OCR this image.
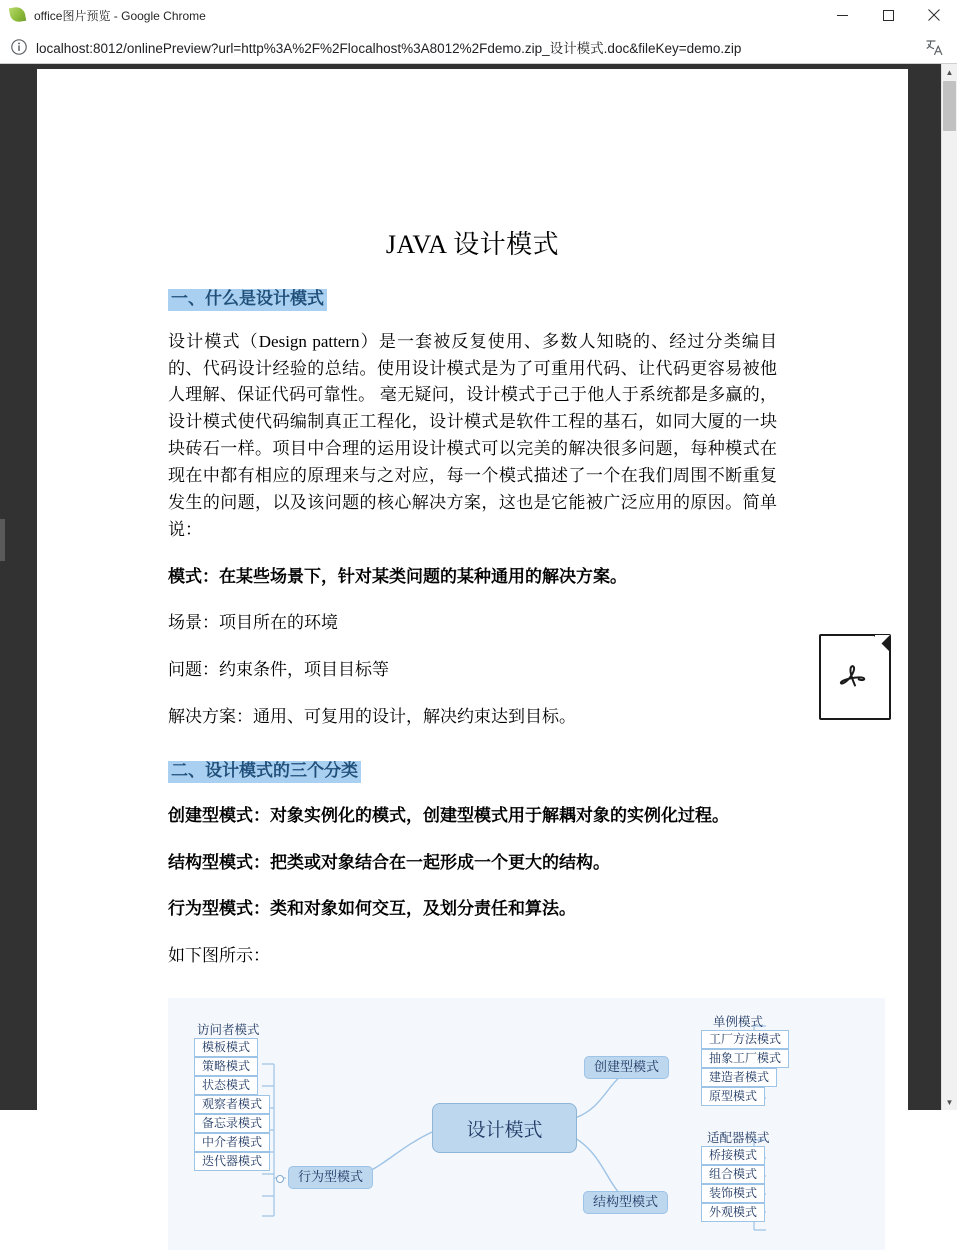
office图片预览 - Google Chrome
localhost:8012/onlinePreview?url=http%3A%2F%2Flocalhost%3A8012%2Fdemo.zip_设计模式.doc&fileKey=demo.zip
JAVA 设计模式
一、什么是设计模式

设计模式（Design pattern）是一套被反复使用、多数人知晓的、经过分类编目的、代码设计经验的总结。使用设计模式是为了可重用代码、让代码更容易被他人理解、保证代码可靠性。 毫无疑问，设计模式于己于他人于系统都是多赢的，设计模式使代码编制真正工程化，设计模式是软件工程的基石，如同大厦的一块块砖石一样。项目中合理的运用设计模式可以完美的解决很多问题，每种模式在现在中都有相应的原理来与之对应，每一个模式描述了一个在我们周围不断重复发生的问题，以及该问题的核心解决方案，这也是它能被广泛应用的原因。简单说：

模式：在某些场景下，针对某类问题的某种通用的解决方案。

场景：项目所在的环境

问题：约束条件，项目目标等

解决方案：通用、可复用的设计，解决约束达到目标。

二、设计模式的三个分类

创建型模式：对象实例化的模式，创建型模式用于解耦对象的实例化过程。

结构型模式：把类或对象结合在一起形成一个更大的结构。

行为型模式：类和对象如何交互，及划分责任和算法。

如下图所示：

设计模式
创建型模式
单例模式
工厂方法模式
抽象工厂模式
建造者模式
原型模式
结构型模式
适配器模式
桥接模式
组合模式
装饰模式
外观模式
行为型模式
访问者模式
模板模式
策略模式
状态模式
观察者模式
备忘录模式
中介者模式
迭代器模式
▲
▼
